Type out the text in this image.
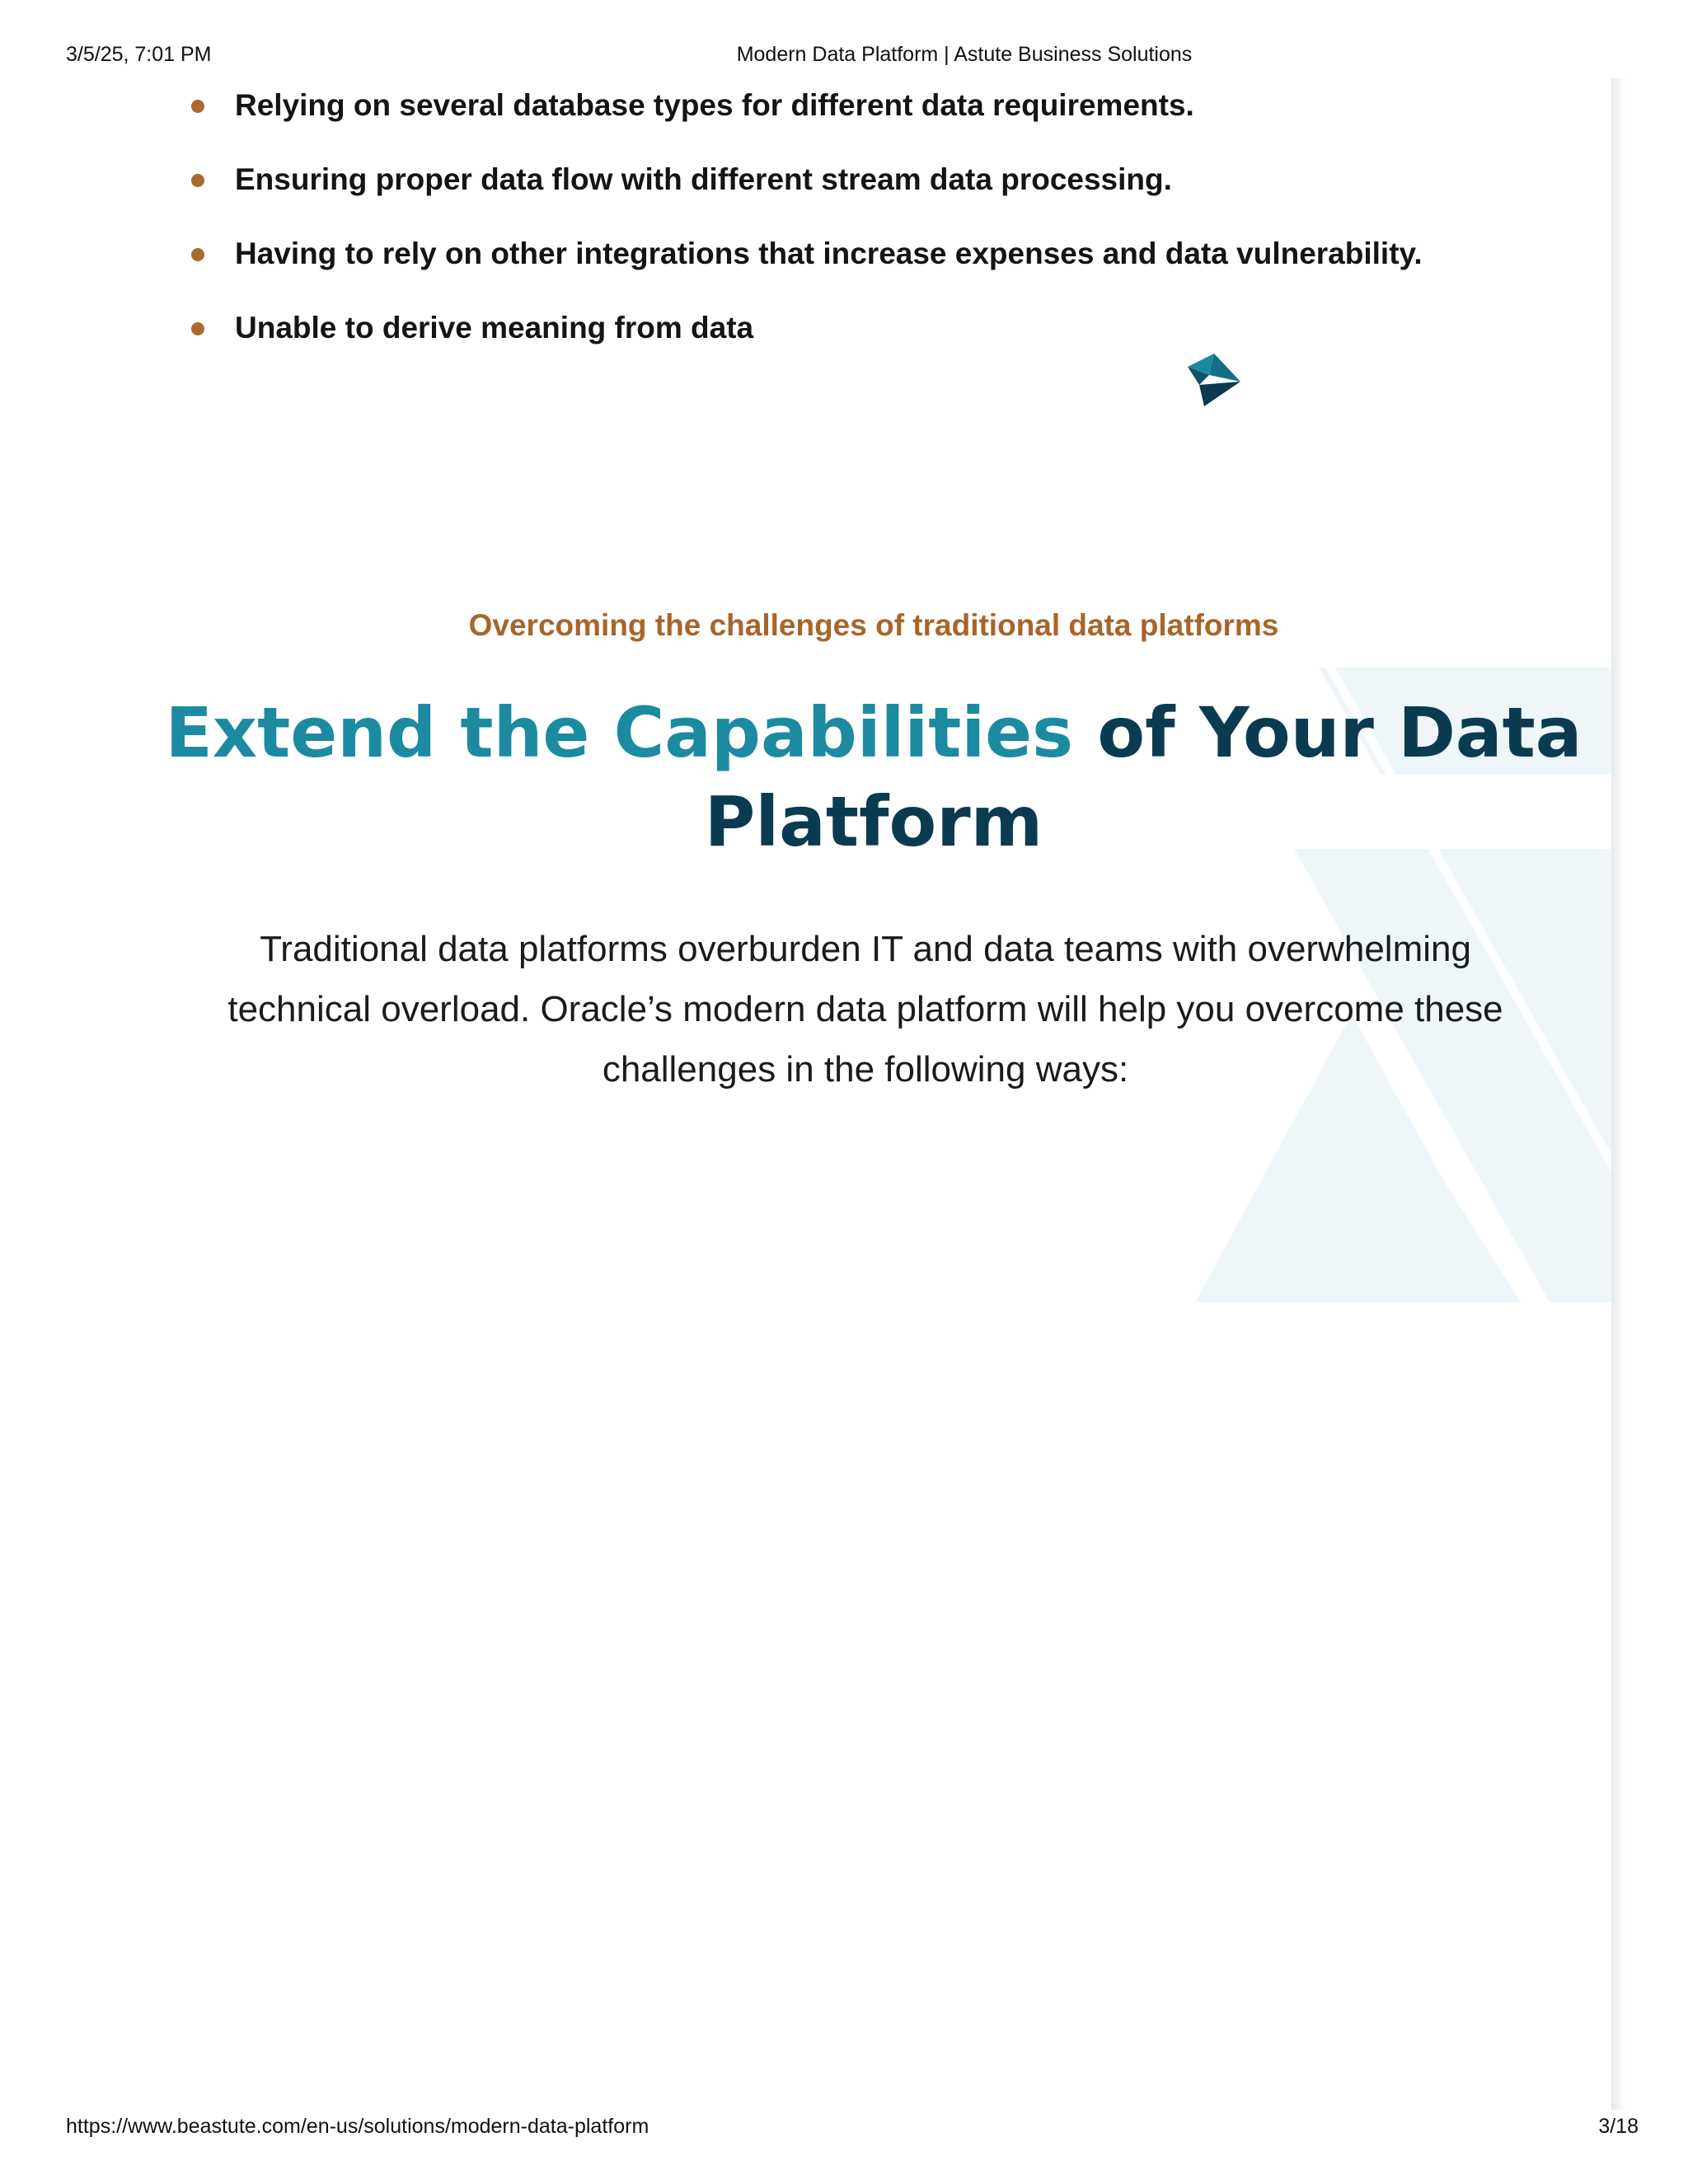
3/5/25, 7:01 PM	Modern Data Platform | Astute Business Solutions
Relying on several database types for different data requirements.
Ensuring proper data flow with different stream data processing.
Having to rely on other integrations that increase expenses and data vulnerability.
Unable to derive meaning from data
Overcoming the challenges of traditional data platforms
Extend the Capabilities of Your Data Platform
Traditional data platforms overburden IT and data teams with overwhelming technical overload. Oracle’s modern data platform will help you overcome these challenges in the following ways:
https://www.beastute.com/en-us/solutions/modern-data-platform	3/18
